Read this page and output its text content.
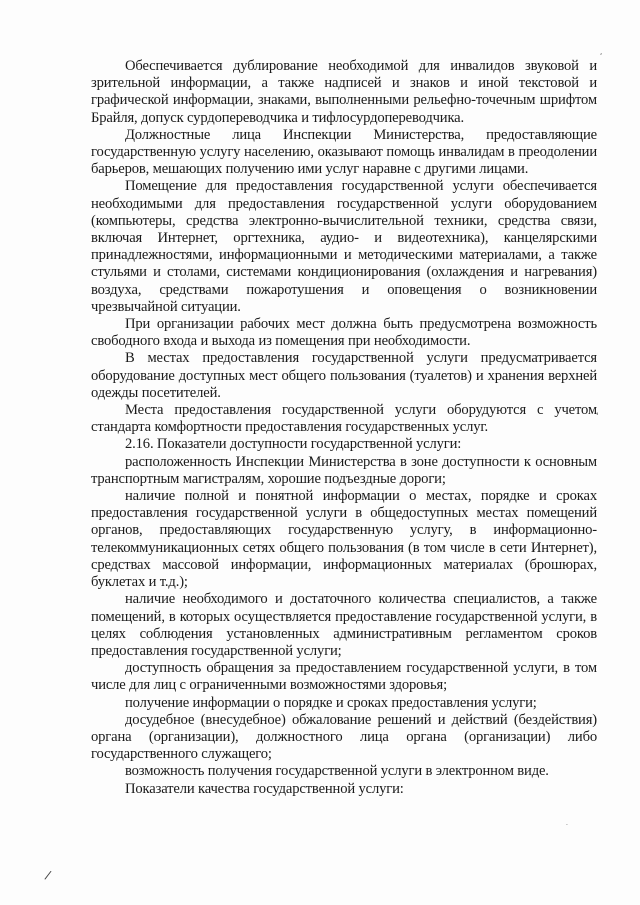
,
'
.
/

Обеспечивается дублирование необходимой для инвалидов звуковой и зрительной информации, а также надписей и знаков и иной текстовой и графической информации, знаками, выполненными рельефно-точечным шрифтом Брайля, допуск сурдопереводчика и тифлосурдопереводчика.

Должностные лица Инспекции Министерства, предоставляющие государственную услугу населению, оказывают помощь инвалидам в преодолении барьеров, мешающих получению ими услуг наравне с другими лицами.

Помещение для предоставления государственной услуги обеспечивается необходимыми для предоставления государственной услуги оборудованием (компьютеры, средства электронно-вычислительной техники, средства связи, включая Интернет, оргтехника, аудио- и видеотехника), канцелярскими принадлежностями, информационными и методическими материалами, а также стульями и столами, системами кондиционирования (охлаждения и нагревания) воздуха, средствами пожаротушения и оповещения о возникновении чрезвычайной ситуации.

При организации рабочих мест должна быть предусмотрена возможность свободного входа и выхода из помещения при необходимости.

В местах предоставления государственной услуги предусматривается оборудование доступных мест общего пользования (туалетов) и хранения верхней одежды посетителей.

Места предоставления государственной услуги оборудуются с учетом стандарта комфортности предоставления государственных услуг.

2.16. Показатели доступности государственной услуги:

расположенность Инспекции Министерства в зоне доступности к основным транспортным магистралям, хорошие подъездные дороги;

наличие полной и понятной информации о местах, порядке и сроках предоставления государственной услуги в общедоступных местах помещений органов, предоставляющих государственную услугу, в информационно-телекоммуникационных сетях общего пользования (в том числе в сети Интернет), средствах массовой информации, информационных материалах (брошюрах, буклетах и т.д.);

наличие необходимого и достаточного количества специалистов, а также помещений, в которых осуществляется предоставление государственной услуги, в целях соблюдения установленных административным регламентом сроков предоставления государственной услуги;

доступность обращения за предоставлением государственной услуги, в том числе для лиц с ограниченными возможностями здоровья;

получение информации о порядке и сроках предоставления услуги;

досудебное (внесудебное) обжалование решений и действий (бездействия) органа (организации), должностного лица органа (организации) либо государственного служащего;

возможность получения государственной услуги в электронном виде.

Показатели качества государственной услуги:
